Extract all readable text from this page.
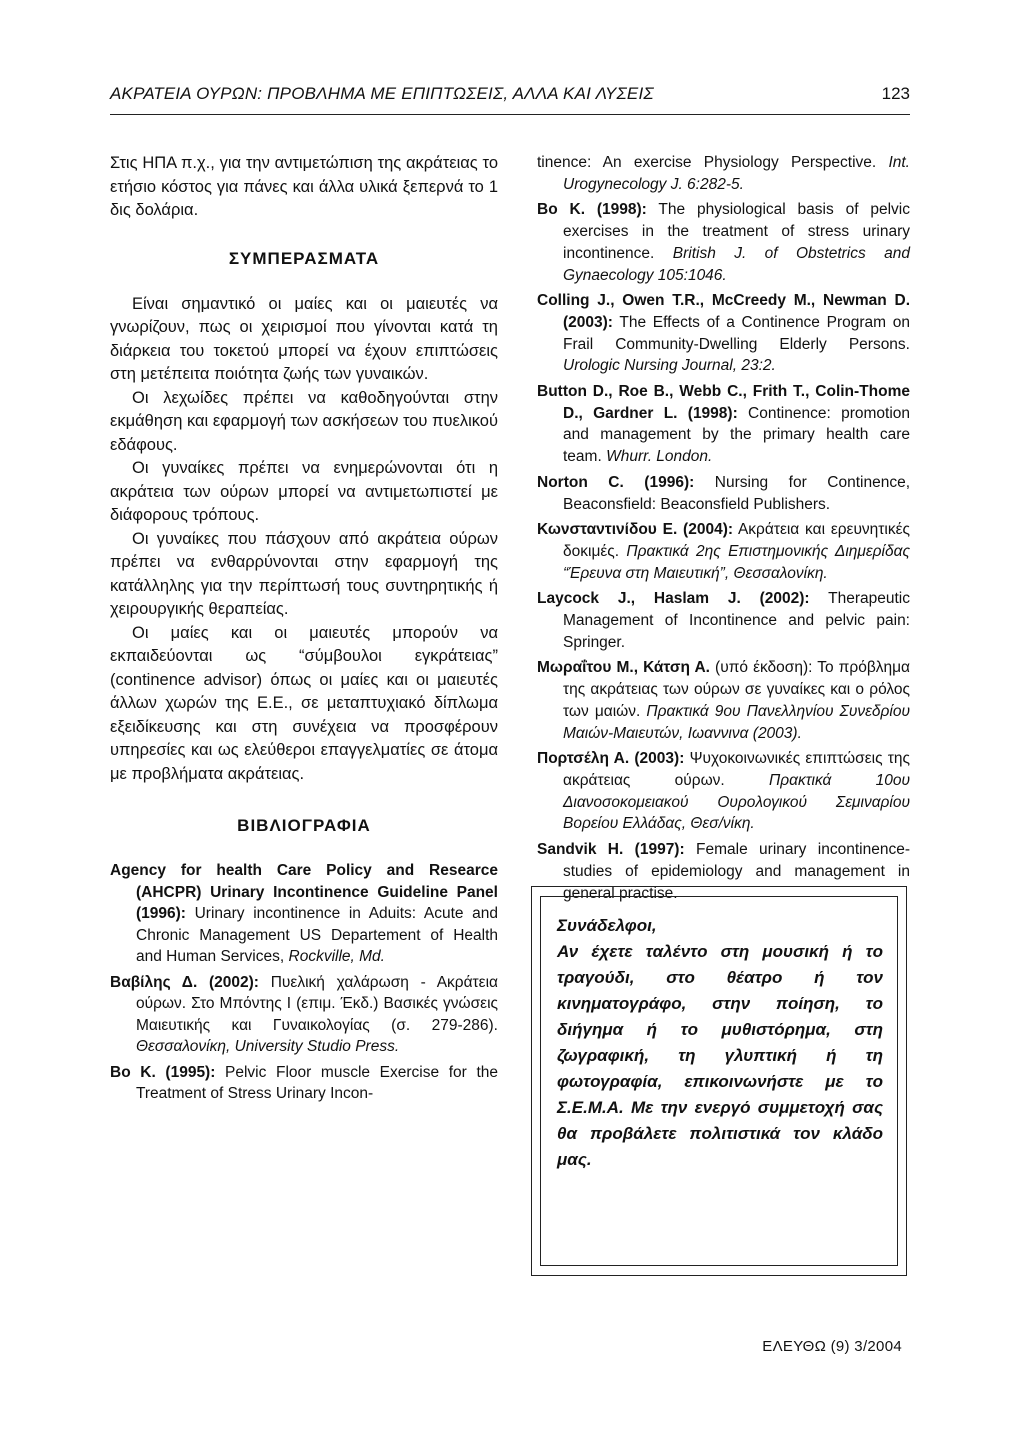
ΑΚΡΑΤΕΙΑ ΟΥΡΩΝ: ΠΡΟΒΛΗΜΑ ΜΕ ΕΠΙΠΤΩΣΕΙΣ, ΑΛΛΑ ΚΑΙ ΛΥΣΕΙΣ	123

Στις ΗΠΑ π.χ., για την αντιμετώπιση της ακράτειας το ετήσιο κόστος για πάνες και άλλα υλικά ξεπερνά το 1 δις δολάρια.

ΣΥΜΠΕΡΑΣΜΑΤΑ

Είναι σημαντικό οι μαίες και οι μαιευτές να γνωρίζουν, πως οι χειρισμοί που γίνονται κατά τη διάρκεια του τοκετού μπορεί να έχουν επιπτώσεις στη μετέπειτα ποιότητα ζωής των γυναικών.

Οι λεχωίδες πρέπει να καθοδηγούνται στην εκμάθηση και εφαρμογή των ασκήσεων του πυελικού εδάφους.

Οι γυναίκες πρέπει να ενημερώνονται ότι η ακράτεια των ούρων μπορεί να αντιμετωπιστεί με διάφορους τρόπους.

Οι γυναίκες που πάσχουν από ακράτεια ούρων πρέπει να ενθαρρύνονται στην εφαρμογή της κατάλληλης για την περίπτωσή τους συντηρητικής ή χειρουργικής θεραπείας.

Οι μαίες και οι μαιευτές μπορούν να εκπαιδεύονται ως “σύμβουλοι εγκράτειας” (continence advisor) όπως οι μαίες και οι μαιευτές άλλων χωρών της Ε.Ε., σε μεταπτυχιακό δίπλωμα εξειδίκευσης και στη συνέχεια να προσφέρουν υπηρεσίες και ως ελεύθεροι επαγγελματίες σε άτομα με προβλήματα ακράτειας.

ΒΙΒΛΙΟΓΡΑΦΙΑ
Agency for health Care Policy and Researce (AHCPR) Urinary Incontinence Guideline Panel (1996): Urinary incontinence in Aduits: Acute and Chronic Management US Departement of Health and Human Services, Rockville, Md.
Βαβίλης Δ. (2002): Πυελική χαλάρωση - Ακράτεια ούρων. Στο Μπόντης Ι (επιμ. Έκδ.) Βασικές γνώσεις Μαιευτικής και Γυναικολογίας (σ. 279-286). Θεσσαλονίκη, University Studio Press.
Bo K. (1995): Pelvic Floor muscle Exercise for the Treatment of Stress Urinary Incon-
tinence: An exercise Physiology Perspective. Int. Urogynecology J. 6:282-5.
Bo K. (1998): The physiological basis of pelvic exercises in the treatment of stress urinary incontinence. British J. of Obstetrics and Gynaecology 105:1046.
Colling J., Owen T.R., McCreedy M., Newman D. (2003): The Effects of a Continence Program on Frail Community-Dwelling Elderly Persons. Urologic Nursing Journal, 23:2.
Button D., Roe B., Webb C., Frith T., Colin-Thome D., Gardner L. (1998): Continence: promotion and management by the primary health care team. Whurr. London.
Norton C. (1996): Nursing for Continence, Beaconsfield: Beaconsfield Publishers.
Κωνσταντινίδου Ε. (2004): Ακράτεια και ερευνητικές δοκιμές. Πρακτικά 2ης Επιστημονικής Διημερίδας “Έρευνα στη Μαιευτική”, Θεσσαλονίκη.
Laycock J., Haslam J. (2002): Therapeutic Management of Incontinence and pelvic pain: Springer.
Μωραΐτου Μ., Κάτση Α. (υπό έκδοση): Το πρόβλημα της ακράτειας των ούρων σε γυναίκες και ο ρόλος των μαιών. Πρακτικά 9ου Πανελληνίου Συνεδρίου Μαιών-Μαιευτών, Ιωαννινα (2003).
Πορτσέλη Α. (2003): Ψυχοκοινωνικές επιπτώσεις της ακράτειας ούρων. Πρακτικά 10ου Διανοσοκομειακού Ουρολογικού Σεμιναρίου Βορείου Ελλάδας, Θεσ/νίκη.
Sandvik H. (1997): Female urinary incontinence- studies of epidemiology and management in general practise.

Συνάδελφοι,

Αν έχετε ταλέντο στη μουσική ή το τραγούδι, στο θέατρο ή τον κινηματογράφο, στην ποίηση, το διήγημα ή το μυθιστόρημα, στη ζωγραφική, τη γλυπτική ή τη φωτογραφία, επικοινωνήστε με το Σ.Ε.Μ.Α. Με την ενεργό συμμετοχή σας θα προβάλετε πολιτιστικά τον κλάδο μας.

ΕΛΕΥΘΩ (9) 3/2004
